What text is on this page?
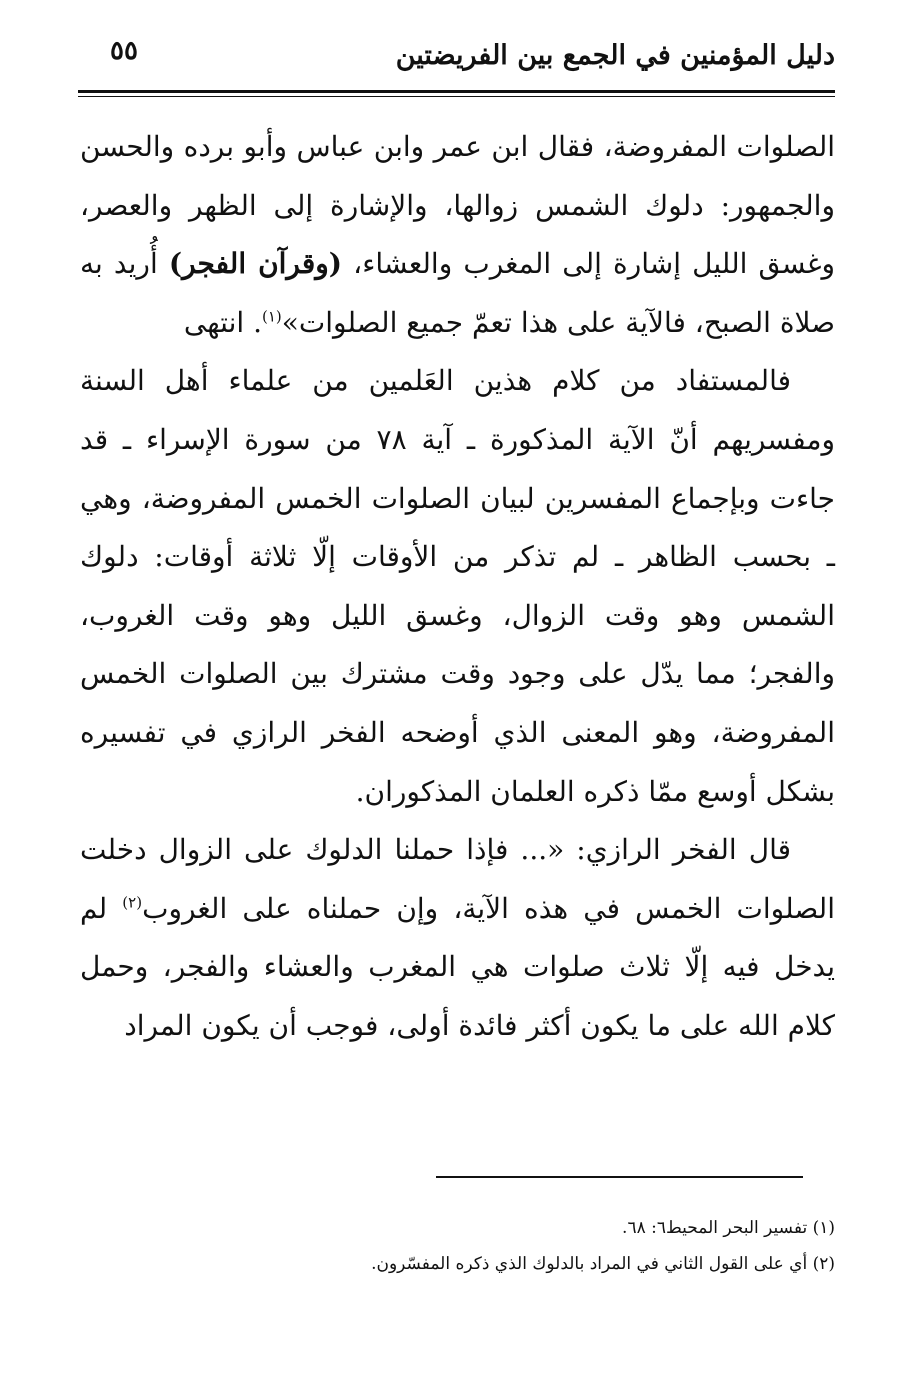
دليل المؤمنين في الجمع بين الفريضتين
٥٥

الصلوات المفروضة، فقال ابن عمر وابن عباس وأبو برده والحسن والجمهور: دلوك الشمس زوالها، والإشارة إلى الظهر والعصر، وغسق الليل إشارة إلى المغرب والعشاء، (وقرآن الفجر) أُريد به صلاة الصبح، فالآية على هذا تعمّ جميع الصلوات»$^{(١)}$. انتهى

فالمستفاد من كلام هذين العَلمين من علماء أهل السنة ومفسريهم أنّ الآية المذكورة ـ آية ٧٨ من سورة الإسراء ـ قد جاءت وبإجماع المفسرين لبيان الصلوات الخمس المفروضة، وهي ـ بحسب الظاهر ـ لم تذكر من الأوقات إلّا ثلاثة أوقات: دلوك الشمس وهو وقت الزوال، وغسق الليل وهو وقت الغروب، والفجر؛ مما يدّل على وجود وقت مشترك بين الصلوات الخمس المفروضة، وهو المعنى الذي أوضحه الفخر الرازي في تفسيره بشكل أوسع ممّا ذكره العلمان المذكوران.

قال الفخر الرازي: «... فإذا حملنا الدلوك على الزوال دخلت الصلوات الخمس في هذه الآية، وإن حملناه على الغروب$^{(٢)}$ لم يدخل فيه إلّا ثلاث صلوات هي المغرب والعشاء والفجر، وحمل كلام الله على ما يكون أكثر فائدة أولى، فوجب أن يكون المراد

(١) تفسير البحر المحيط٦: ٦٨.
(٢) أي على القول الثاني في المراد بالدلوك الذي ذكره المفسّرون.
